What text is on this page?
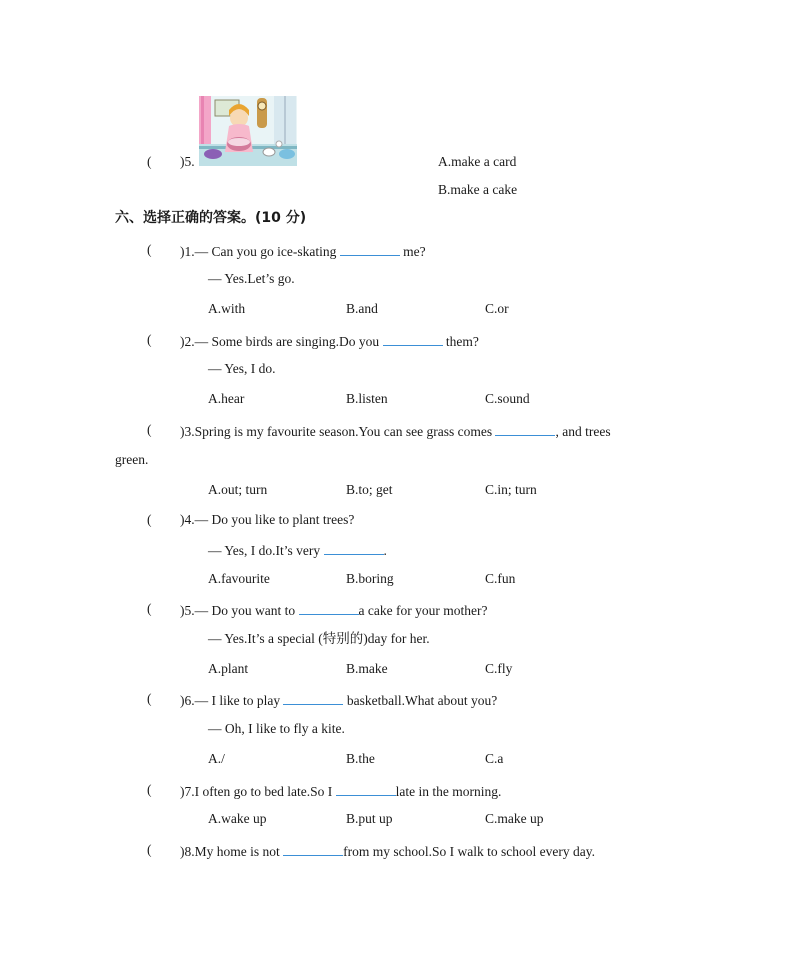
( )5.	A.make a card
B.make a cake
六、选择正确的答案。(10 分)
( )1.— Can you go ice-skating	me?
— Yes.Let’s go.
A.with	B.and	C.or
( )2.— Some birds are singing.Do you	them?
— Yes, I do.
A.hear	B.listen	C.sound
( )3.Spring is my favourite season.You can see grass comes	, and trees
green.
A.out; turn	B.to; get	C.in; turn
( )4.— Do you like to plant trees?
— Yes, I do.It’s very	.
A.favourite	B.boring	C.fun
( )5.— Do you want to	a cake for your mother?
— Yes.It’s a special (特别的)day for her.
A.plant	B.make	C.fly
( )6.— I like to play	basketball.What about you?
— Oh, I like to fly a kite.
A./	B.the	C.a
( )7.I often go to bed late.So I	late in the morning.
A.wake up	B.put up	C.make up
( )8.My home is not	from my school.So I walk to school every day.
